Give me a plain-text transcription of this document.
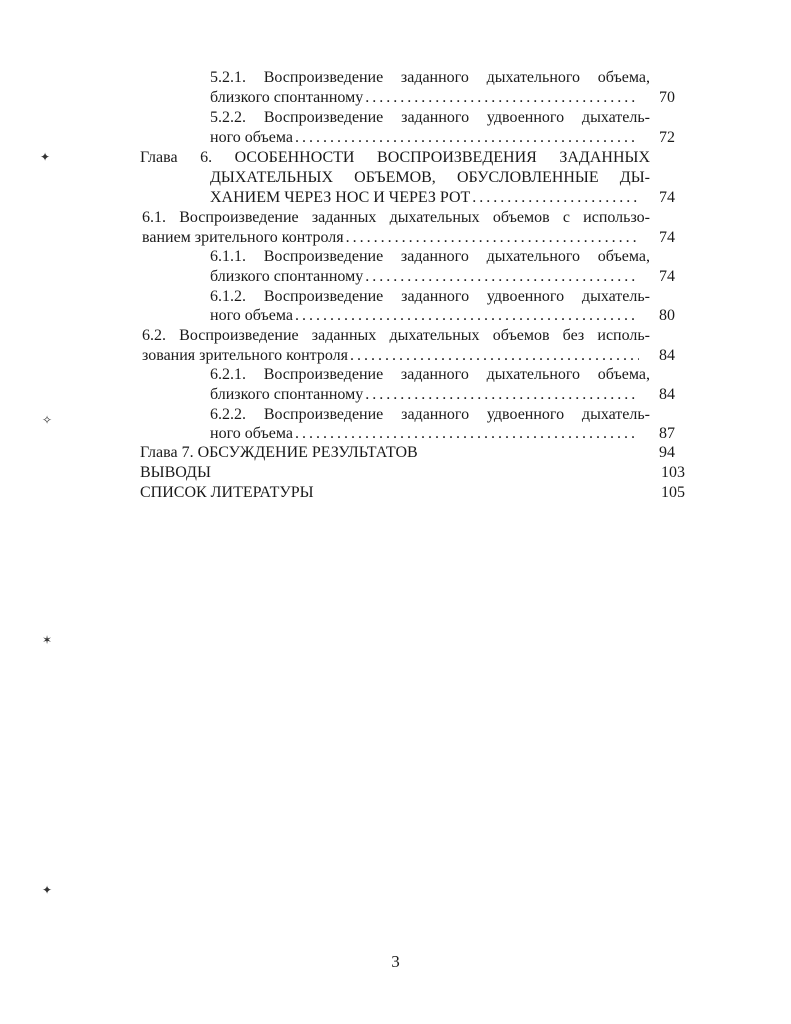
5.2.1. Воспроизведение заданного дыхательного объема,
близкого спонтанному .....	70
5.2.2. Воспроизведение заданного удвоенного дыхатель-
ного объема .....	72
Глава 6. ОСОБЕННОСТИ ВОСПРОИЗВЕДЕНИЯ ЗАДАННЫХ
ДЫХАТЕЛЬНЫХ ОБЪЕМОВ, ОБУСЛОВЛЕННЫЕ ДЫ-
ХАНИЕМ ЧЕРЕЗ НОС И ЧЕРЕЗ РОТ .....	74
6.1. Воспроизведение заданных дыхательных объемов с использо-
ванием зрительного контроля .....	74
6.1.1. Воспроизведение заданного дыхательного объема,
близкого спонтанному .....	74
6.1.2. Воспроизведение заданного удвоенного дыхатель-
ного объема .....	80
6.2. Воспроизведение заданных дыхательных объемов без исполь-
зования зрительного контроля .....	84
6.2.1. Воспроизведение заданного дыхательного объема,
близкого спонтанному .....	84
6.2.2. Воспроизведение заданного удвоенного дыхатель-
ного объема .....	87
Глава 7. ОБСУЖДЕНИЕ РЕЗУЛЬТАТОВ	94
ВЫВОДЫ	103
СПИСОК ЛИТЕРАТУРЫ	105
✦
✧
✶
✦
3
